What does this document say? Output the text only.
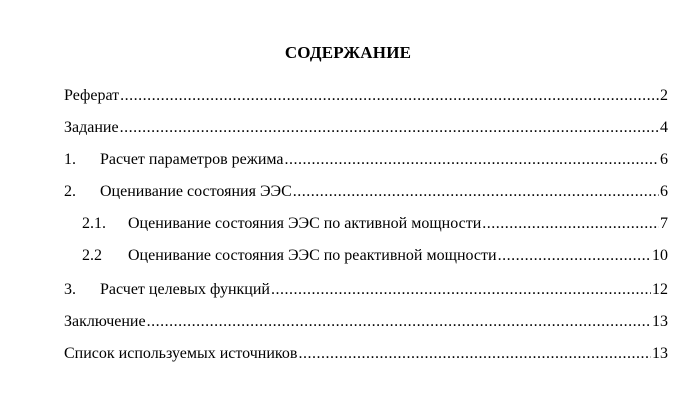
СОДЕРЖАНИЕ
Реферат .....	2
Задание .....	4
1.	Расчет параметров режима .....	6
2.	Оценивание состояния ЭЭС .....	6
2.1.	Оценивание состояния ЭЭС по активной мощности .....	7
2.2	Оценивание состояния ЭЭС по реактивной мощности .....	10
3.	Расчет целевых функций .....	12
Заключение .....	13
Список используемых источников .....	13
